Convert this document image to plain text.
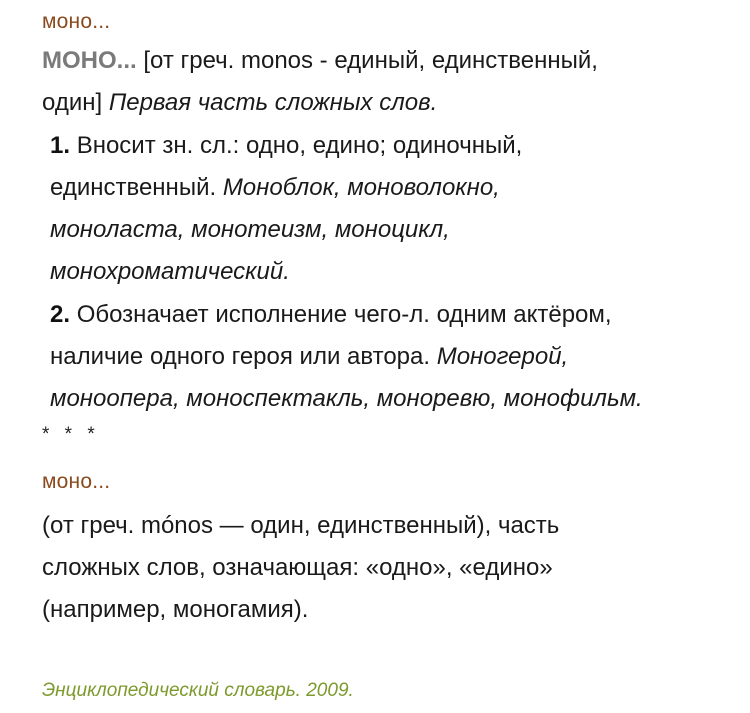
моно...
МОНО... [от греч. monos - единый, единственный,
один] Первая часть сложных слов.
1. Вносит зн. сл.: одно, едино; одиночный,
единственный. Моноблок, моноволокно,
моноласта, монотеизм, моноцикл,
монохроматический.
2. Обозначает исполнение чего-л. одним актёром,
наличие одного героя или автора. Моногерой,
моноопера, моноспектакль, моноревю, монофильм.
* * *
моно...
(от греч. mónos — один, единственный), часть
сложных слов, означающая: «одно», «едино»
(например, моногамия).
Энциклопедический словарь. 2009.
